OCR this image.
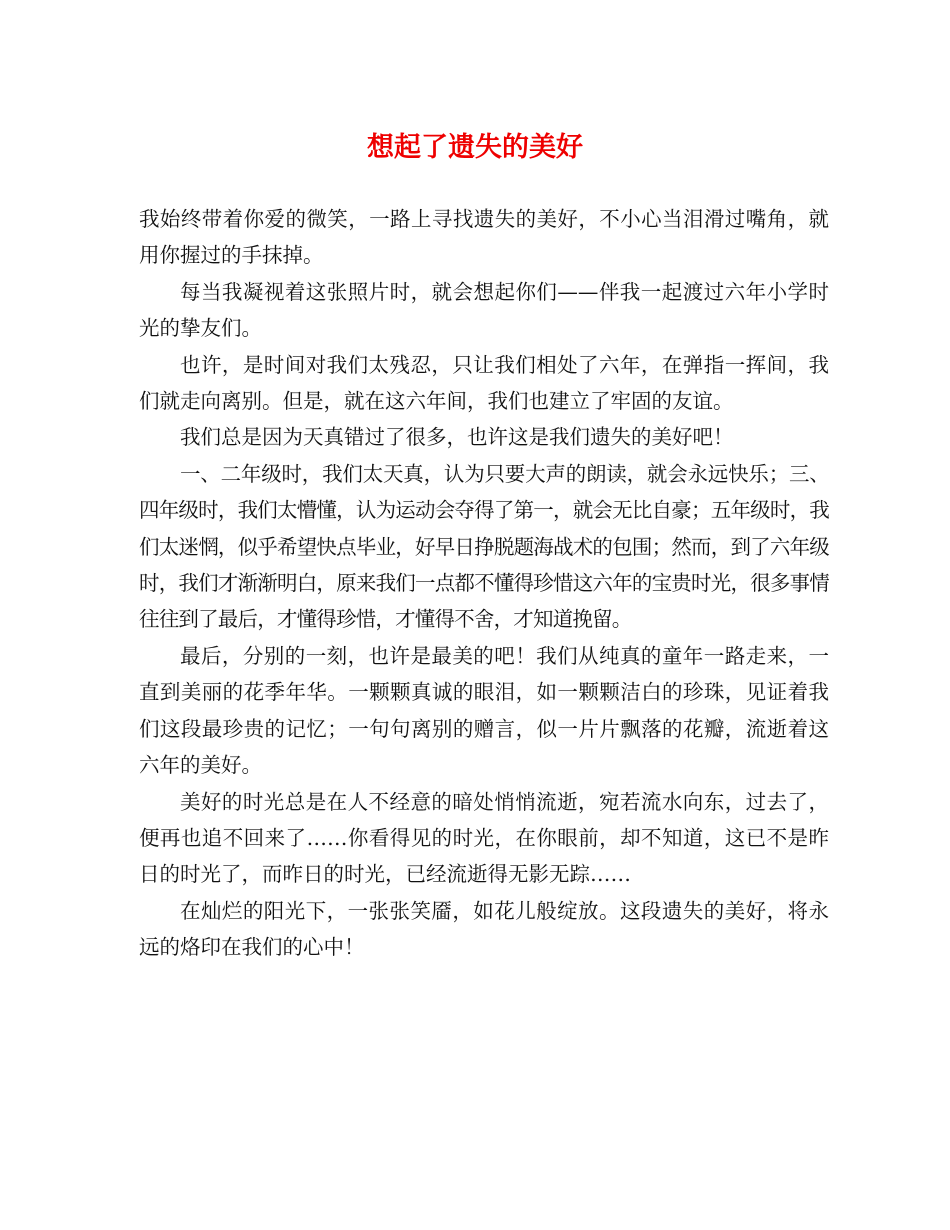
想起了遗失的美好

我始终带着你爱的微笑，一路上寻找遗失的美好，不小心当泪滑过嘴角，就用你握过的手抹掉。

每当我凝视着这张照片时，就会想起你们——伴我一起渡过六年小学时光的挚友们。

也许，是时间对我们太残忍，只让我们相处了六年，在弹指一挥间，我们就走向离别。但是，就在这六年间，我们也建立了牢固的友谊。

我们总是因为天真错过了很多，也许这是我们遗失的美好吧！

一、二年级时，我们太天真，认为只要大声的朗读，就会永远快乐；三、四年级时，我们太懵懂，认为运动会夺得了第一，就会无比自豪；五年级时，我们太迷惘，似乎希望快点毕业，好早日挣脱题海战术的包围；然而，到了六年级时，我们才渐渐明白，原来我们一点都不懂得珍惜这六年的宝贵时光，很多事情往往到了最后，才懂得珍惜，才懂得不舍，才知道挽留。

最后，分别的一刻，也许是最美的吧！我们从纯真的童年一路走来，一直到美丽的花季年华。一颗颗真诚的眼泪，如一颗颗洁白的珍珠，见证着我们这段最珍贵的记忆；一句句离别的赠言，似一片片飘落的花瓣，流逝着这六年的美好。

美好的时光总是在人不经意的暗处悄悄流逝，宛若流水向东，过去了，便再也追不回来了……你看得见的时光，在你眼前，却不知道，这已不是昨日的时光了，而昨日的时光，已经流逝得无影无踪……

在灿烂的阳光下，一张张笑靥，如花儿般绽放。这段遗失的美好，将永远的烙印在我们的心中！
